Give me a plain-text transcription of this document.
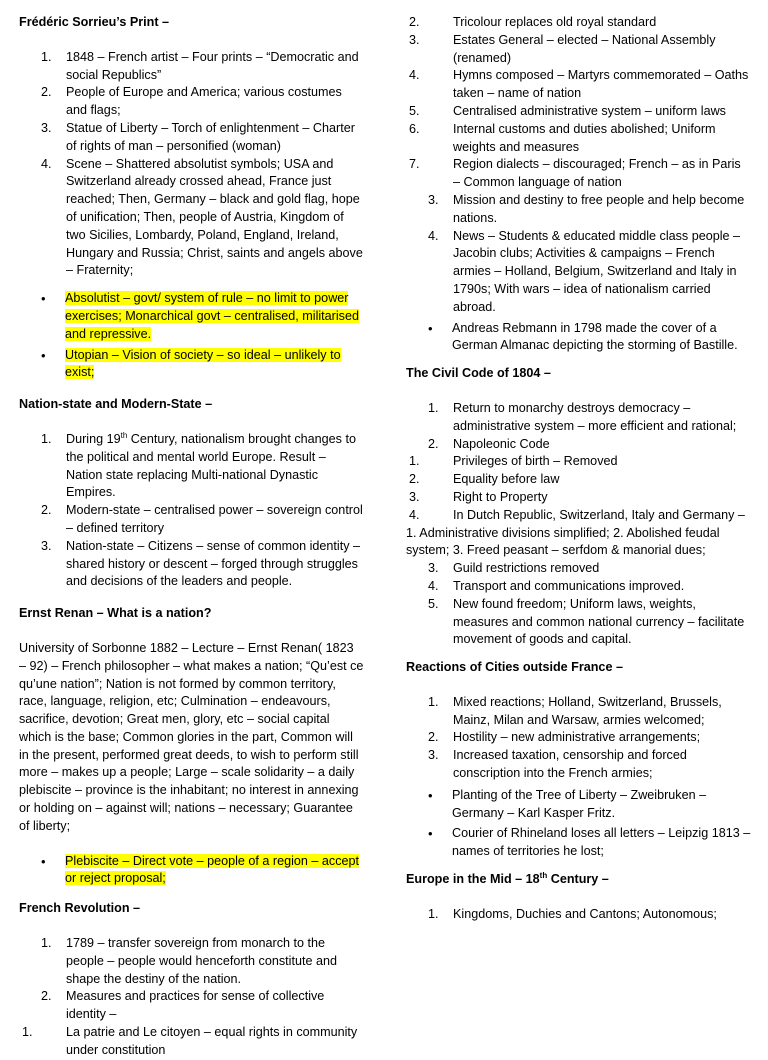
Frédéric Sorrieu’s Print –
1. 1848 – French artist – Four prints – “Democratic and social Republics”
2. People of Europe and America; various costumes and flags;
3. Statue of Liberty – Torch of enlightenment – Charter of rights of man – personified (woman)
4. Scene – Shattered absolutist symbols; USA and Switzerland already crossed ahead, France just reached; Then, Germany – black and gold flag, hope of unification; Then, people of Austria, Kingdom of two Sicilies, Lombardy, Poland, England, Ireland, Hungary and Russia; Christ, saints and angels above – Fraternity;
• Absolutist – govt/ system of rule – no limit to power exercises; Monarchical govt – centralised, militarised and repressive.
• Utopian – Vision of society – so ideal – unlikely to exist;
Nation-state and Modern-State –
1. During 19th Century, nationalism brought changes to the political and mental world Europe. Result – Nation state replacing Multi-national Dynastic Empires.
2. Modern-state – centralised power – sovereign control – defined territory
3. Nation-state – Citizens – sense of common identity – shared history or descent – forged through struggles and decisions of the leaders and people.
Ernst Renan – What is a nation?
University of Sorbonne 1882 – Lecture – Ernst Renan( 1823 – 92) – French philosopher – what makes a nation; “Qu’est ce qu’une nation”; Nation is not formed by common territory, race, language, religion, etc; Culmination – endeavours, sacrifice, devotion; Great men, glory, etc – social capital which is the base; Common glories in the part, Common will in the present, performed great deeds, to wish to perform still more – makes up a people; Large – scale solidarity – a daily plebiscite – province is the inhabitant; no interest in annexing or holding on – against will; nations – necessary; Guarantee of liberty;
• Plebiscite – Direct vote – people of a region – accept or reject proposal;
French Revolution –
1. 1789 – transfer sovereign from monarch to the people – people would henceforth constitute and shape the destiny of the nation.
2. Measures and practices for sense of collective identity –
1.	La patrie and Le citoyen – equal rights in community under constitution
2.	Tricolour replaces old royal standard
3.	Estates General – elected – National Assembly (renamed)
4.	Hymns composed – Martyrs commemorated – Oaths taken – name of nation
5.	Centralised administrative system – uniform laws
6.	Internal customs and duties abolished; Uniform weights and measures
7.	Region dialects – discouraged; French – as in Paris – Common language of nation
3. Mission and destiny to free people and help become nations.
4. News – Students & educated middle class people – Jacobin clubs; Activities & campaigns – French armies – Holland, Belgium, Switzerland and Italy in 1790s; With wars – idea of nationalism carried abroad.
• Andreas Rebmann in 1798 made the cover of a German Almanac depicting the storming of Bastille.
The Civil Code of 1804 –
1. Return to monarchy destroys democracy – administrative system – more efficient and rational;
2. Napoleonic Code
1.	Privileges of birth – Removed
2.	Equality before law
3.	Right to Property
4.	In Dutch Republic, Switzerland, Italy and Germany – 1. Administrative divisions simplified; 2. Abolished feudal system; 3. Freed peasant – serfdom & manorial dues;
3. Guild restrictions removed
4. Transport and communications improved.
5. New found freedom; Uniform laws, weights, measures and common national currency – facilitate movement of goods and capital.
Reactions of Cities outside France –
1. Mixed reactions; Holland, Switzerland, Brussels, Mainz, Milan and Warsaw, armies welcomed;
2. Hostility – new administrative arrangements;
3. Increased taxation, censorship and forced conscription into the French armies;
• Planting of the Tree of Liberty – Zweibruken – Germany – Karl Kasper Fritz.
• Courier of Rhineland loses all letters – Leipzig 1813 – names of territories he lost;
Europe in the Mid – 18th Century –
1. Kingdoms, Duchies and Cantons; Autonomous;
